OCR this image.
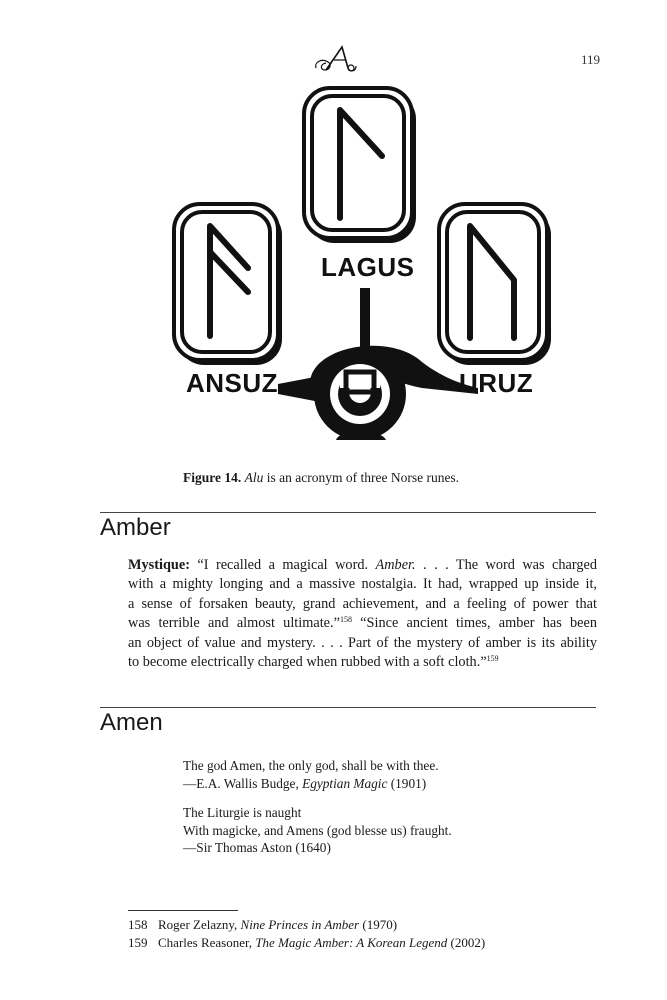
119
A
LAGUS
ANSUZ	URUZ
Figure 14. Alu is an acronym of three Norse runes.
Amber
Mystique: “I recalled a magical word. Amber. . . . The word was charged
with a mighty longing and a massive nostalgia. It had, wrapped up inside it,
a sense of forsaken beauty, grand achievement, and a feeling of power that
was terrible and almost ultimate.”$^{158}$ “Since ancient times, amber has been
an object of value and mystery. . . . Part of the mystery of amber is its ability
to become electrically charged when rubbed with a soft cloth.”$^{159}$
Amen
The god Amen, the only god, shall be with thee.
—E.A. Wallis Budge, Egyptian Magic (1901)
The Liturgie is naught
With magicke, and Amens (god blesse us) fraught.
—Sir Thomas Aston (1640)
158 Roger Zelazny, Nine Princes in Amber (1970)
159 Charles Reasoner, The Magic Amber: A Korean Legend (2002)
